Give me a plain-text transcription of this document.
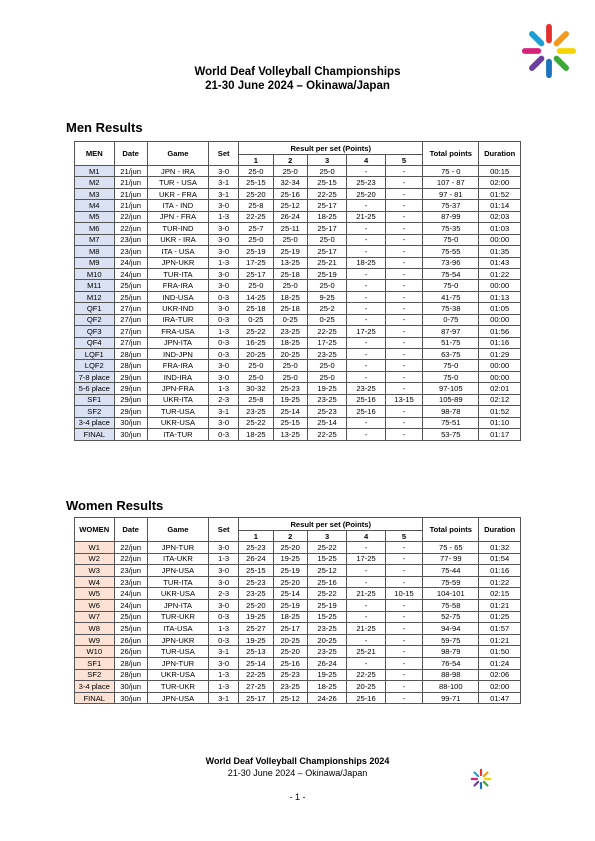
World Deaf Volleyball Championships
21-30 June 2024 – Okinawa/Japan
Men Results
MEN	Date	Game	Set	Result per set (Points)					Total points	Duration
				1	2	3	4	5		
M1	21/jun	JPN - IRA	3-0	25-0	25-0	25-0	-	-	75 - 0	00:15
M2	21/jun	TUR - USA	3-1	25-15	32-34	25-15	25-23	-	107 - 87	02:00
M3	21/jun	UKR - FRA	3-1	25-20	25-16	22-25	25-20	-	97 - 81	01:52
M4	21/jun	ITA - IND	3-0	25-8	25-12	25-17	-	-	75-37	01:14
M5	22/jun	JPN - FRA	1-3	22-25	26-24	18-25	21-25	-	87-99	02:03
M6	22/jun	TUR-IND	3-0	25-7	25-11	25-17	-	-	75-35	01:03
M7	23/jun	UKR - IRA	3-0	25-0	25-0	25-0	-	-	75-0	00:00
M8	23/jun	ITA - USA	3-0	25-19	25-19	25-17	-	-	75-55	01:35
M9	24/jun	JPN-UKR	1-3	17-25	13-25	25-21	18-25	-	73-96	01:43
M10	24/jun	TUR-ITA	3-0	25-17	25-18	25-19	-	-	75-54	01:22
M11	25/jun	FRA-IRA	3-0	25-0	25-0	25-0	-	-	75-0	00:00
M12	25/jun	IND-USA	0-3	14-25	18-25	9-25	-	-	41-75	01:13
QF1	27/jun	UKR-IND	3-0	25-18	25-18	25-2	-	-	75-38	01:05
QF2	27/jun	IRA-TUR	0-3	0-25	0-25	0-25	-	-	0-75	00:00
QF3	27/jun	FRA-USA	1-3	25-22	23-25	22-25	17-25	-	87-97	01:56
QF4	27/jun	JPN-ITA	0-3	16-25	18-25	17-25	-	-	51-75	01:16
LQF1	28/jun	IND-JPN	0-3	20-25	20-25	23-25	-	-	63-75	01:29
LQF2	28/jun	FRA-IRA	3-0	25-0	25-0	25-0	-	-	75-0	00:00
7-8 place	29/jun	IND-IRA	3-0	25-0	25-0	25-0	-	-	75-0	00:00
5-6 place	29/jun	JPN-FRA	1-3	30-32	25-23	19-25	23-25	-	97-105	02:01
SF1	29/jun	UKR-ITA	2-3	25-8	19-25	23-25	25-16	13-15	105-89	02:12
SF2	29/jun	TUR-USA	3-1	23-25	25-14	25-23	25-16	-	98-78	01:52
3-4 place	30/jun	UKR-USA	3-0	25-22	25-15	25-14	-	-	75-51	01:10
FINAL	30/jun	ITA-TUR	0-3	18-25	13-25	22-25	-	-	53-75	01:17
Women Results
WOMEN	Date	Game	Set	Result per set (Points)					Total points	Duration
				1	2	3	4	5		
W1	22/jun	JPN-TUR	3-0	25-23	25-20	25-22	-	-	75 - 65	01:32
W2	22/jun	ITA-UKR	1-3	26-24	19-25	15-25	17-25	-	77- 99	01:54
W3	23/jun	JPN-USA	3-0	25-15	25-19	25-12	-	-	75-44	01:16
W4	23/jun	TUR-ITA	3-0	25-23	25-20	25-16	-	-	75-59	01:22
W5	24/jun	UKR-USA	2-3	23-25	25-14	25-22	21-25	10-15	104-101	02:15
W6	24/jun	JPN-ITA	3-0	25-20	25-19	25-19	-	-	75-58	01:21
W7	25/jun	TUR-UKR	0-3	19-25	18-25	15-25	-	-	52-75	01:25
W8	25/jun	ITA-USA	1-3	25-27	25-17	23-25	21-25	-	94-94	01:57
W9	26/jun	JPN-UKR	0-3	19-25	20-25	20-25	-	-	59-75	01:21
W10	26/jun	TUR-USA	3-1	25-13	25-20	23-25	25-21	-	98-79	01:50
SF1	28/jun	JPN-TUR	3-0	25-14	25-16	26-24	-	-	76-54	01:24
SF2	28/jun	UKR-USA	1-3	22-25	25-23	19-25	22-25	-	88-98	02:06
3-4 place	30/jun	TUR-UKR	1-3	27-25	23-25	18-25	20-25	-	88-100	02:00
FINAL	30/jun	JPN-USA	3-1	25-17	25-12	24-26	25-16	-	99-71	01:47
World Deaf Volleyball Championships 2024
21-30 June 2024 – Okinawa/Japan
- 1 -
